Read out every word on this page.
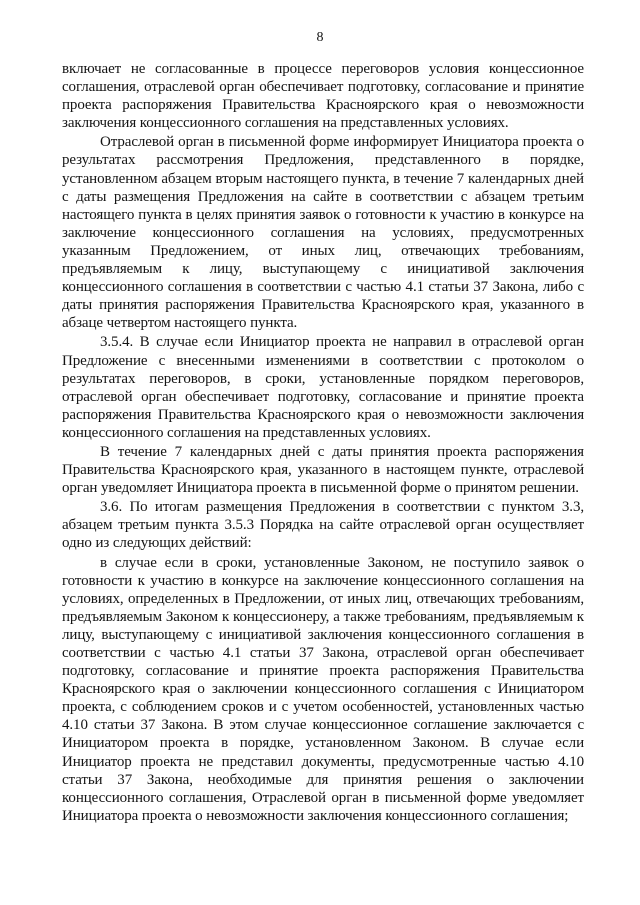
8

включает не согласованные в процессе переговоров условия концессионное соглашения, отраслевой орган обеспечивает подготовку, согласование и принятие проекта распоряжения Правительства Красноярского края о невозможности заключения концессионного соглашения на представленных условиях.

Отраслевой орган в письменной форме информирует Инициатора проекта о результатах рассмотрения Предложения, представленного в порядке, установленном абзацем вторым настоящего пункта, в течение 7 календарных дней с даты размещения Предложения на сайте в соответствии с абзацем третьим настоящего пункта в целях принятия заявок о готовности к участию в конкурсе на заключение концессионного соглашения на условиях, предусмотренных указанным Предложением, от иных лиц, отвечающих требованиям, предъявляемым к лицу, выступающему с инициативой заключения концессионного соглашения в соответствии с частью 4.1 статьи 37 Закона, либо с даты принятия распоряжения Правительства Красноярского края, указанного в абзаце четвертом настоящего пункта.

3.5.4. В случае если Инициатор проекта не направил в отраслевой орган Предложение с внесенными изменениями в соответствии с протоколом о результатах переговоров, в сроки, установленные порядком переговоров, отраслевой орган обеспечивает подготовку, согласование и принятие проекта распоряжения Правительства Красноярского края о невозможности заключения концессионного соглашения на представленных условиях.

В течение 7 календарных дней с даты принятия проекта распоряжения Правительства Красноярского края, указанного в настоящем пункте, отраслевой орган уведомляет Инициатора проекта в письменной форме о принятом решении.

3.6. По итогам размещения Предложения в соответствии с пунктом 3.3, абзацем третьим пункта 3.5.3 Порядка на сайте отраслевой орган осуществляет одно из следующих действий:

в случае если в сроки, установленные Законом, не поступило заявок о готовности к участию в конкурсе на заключение концессионного соглашения на условиях, определенных в Предложении, от иных лиц, отвечающих требованиям, предъявляемым Законом к концессионеру, а также требованиям, предъявляемым к лицу, выступающему с инициативой заключения концессионного соглашения в соответствии с частью 4.1 статьи 37 Закона, отраслевой орган обеспечивает подготовку, согласование и принятие проекта распоряжения Правительства Красноярского края о заключении концессионного соглашения с Инициатором проекта, с соблюдением сроков и с учетом особенностей, установленных частью 4.10 статьи 37 Закона. В этом случае концессионное соглашение заключается с Инициатором проекта в порядке, установленном Законом. В случае если Инициатор проекта не представил документы, предусмотренные частью 4.10 статьи 37 Закона, необходимые для принятия решения о заключении концессионного соглашения, Отраслевой орган в письменной форме уведомляет Инициатора проекта о невозможности заключения концессионного соглашения;
